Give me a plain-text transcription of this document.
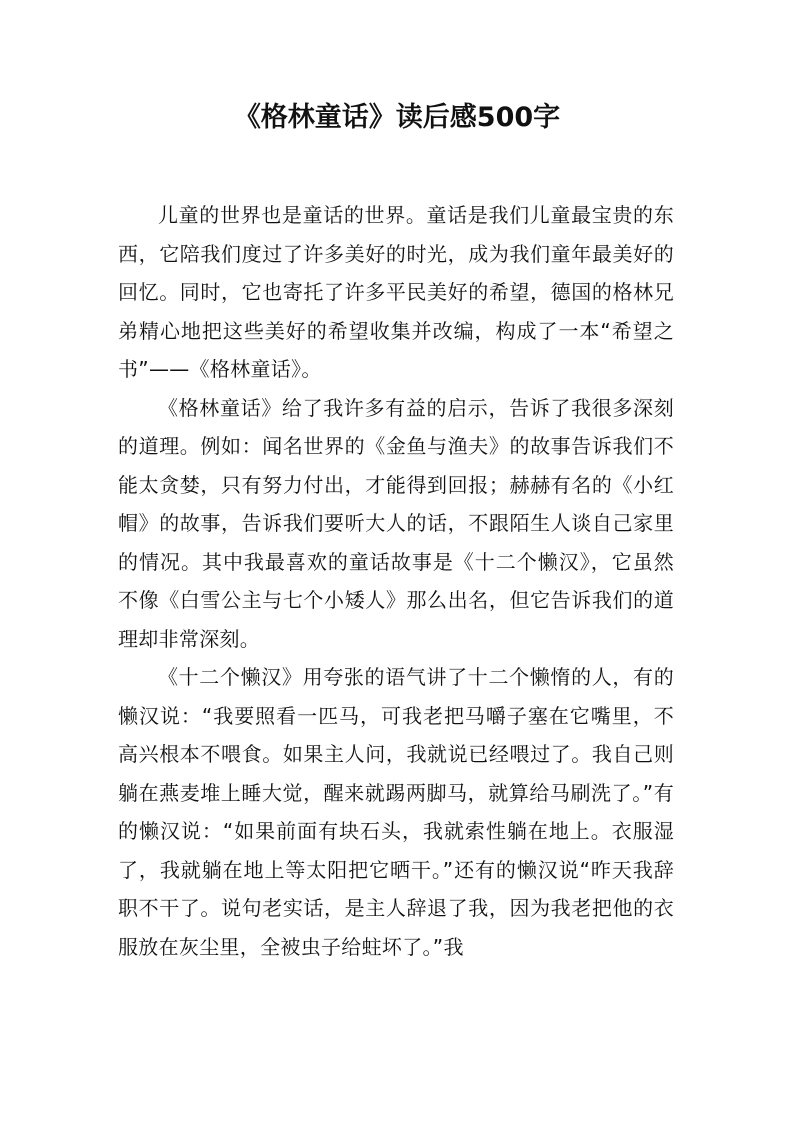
《格林童话》读后感500字

儿童的世界也是童话的世界。童话是我们儿童最宝贵的东西，它陪我们度过了许多美好的时光，成为我们童年最美好的回忆。同时，它也寄托了许多平民美好的希望，德国的格林兄弟精心地把这些美好的希望收集并改编，构成了一本“希望之书”——《格林童话》。

《格林童话》给了我许多有益的启示，告诉了我很多深刻的道理。例如：闻名世界的《金鱼与渔夫》的故事告诉我们不能太贪婪，只有努力付出，才能得到回报；赫赫有名的《小红帽》的故事，告诉我们要听大人的话，不跟陌生人谈自己家里的情况。其中我最喜欢的童话故事是《十二个懒汉》，它虽然不像《白雪公主与七个小矮人》那么出名，但它告诉我们的道理却非常深刻。

《十二个懒汉》用夸张的语气讲了十二个懒惰的人，有的懒汉说：“我要照看一匹马，可我老把马嚼子塞在它嘴里，不高兴根本不喂食。如果主人问，我就说已经喂过了。我自己则躺在燕麦堆上睡大觉，醒来就踢两脚马，就算给马刷洗了。”有的懒汉说：“如果前面有块石头，我就索性躺在地上。衣服湿了，我就躺在地上等太阳把它晒干。”还有的懒汉说“昨天我辞职不干了。说句老实话，是主人辞退了我，因为我老把他的衣服放在灰尘里，全被虫子给蛀坏了。”我
